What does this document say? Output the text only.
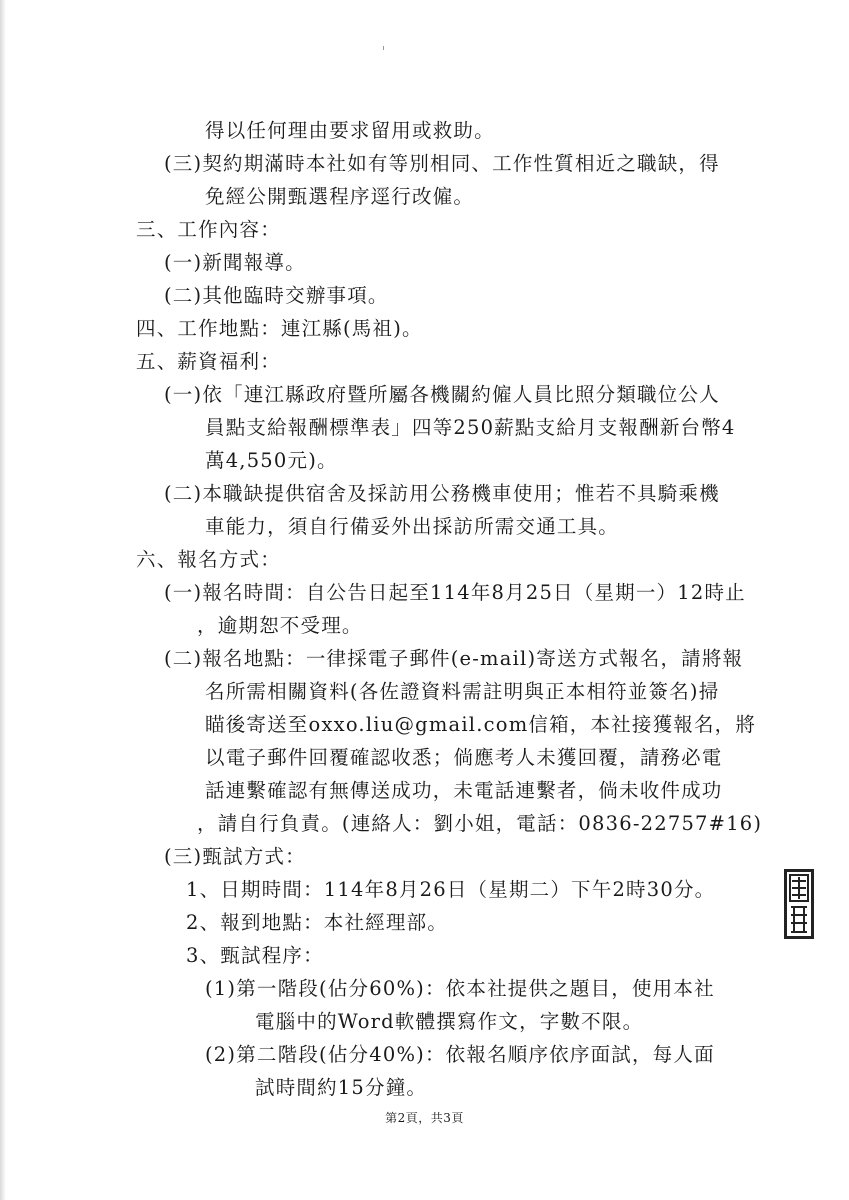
得以任何理由要求留用或救助。
(三)契約期滿時本社如有等別相同、工作性質相近之職缺，得
免經公開甄選程序逕行改僱。
三、工作內容：
(一)新聞報導。
(二)其他臨時交辦事項。
四、工作地點：連江縣(馬祖)。
五、薪資福利：
(一)依「連江縣政府暨所屬各機關約僱人員比照分類職位公人
員點支給報酬標準表」四等250薪點支給月支報酬新台幣4
萬4,550元)。
(二)本職缺提供宿舍及採訪用公務機車使用；惟若不具騎乘機
車能力，須自行備妥外出採訪所需交通工具。
六、報名方式：
(一)報名時間：自公告日起至114年8月25日（星期一）12時止
，逾期恕不受理。
(二)報名地點：一律採電子郵件(e-mail)寄送方式報名，請將報
名所需相關資料(各佐證資料需註明與正本相符並簽名)掃
瞄後寄送至oxxo.liu@gmail.com信箱，本社接獲報名，將
以電子郵件回覆確認收悉；倘應考人未獲回覆，請務必電
話連繫確認有無傳送成功，未電話連繫者，倘未收件成功
，請自行負責。(連絡人：劉小姐，電話：0836-22757#16)
(三)甄試方式：
1、日期時間：114年8月26日（星期二）下午2時30分。
2、報到地點：本社經理部。
3、甄試程序：
(1)第一階段(佔分60%)：依本社提供之題目，使用本社
電腦中的Word軟體撰寫作文，字數不限。
(2)第二階段(佔分40%)：依報名順序依序面試，每人面
試時間約15分鐘。
第2頁，共3頁
